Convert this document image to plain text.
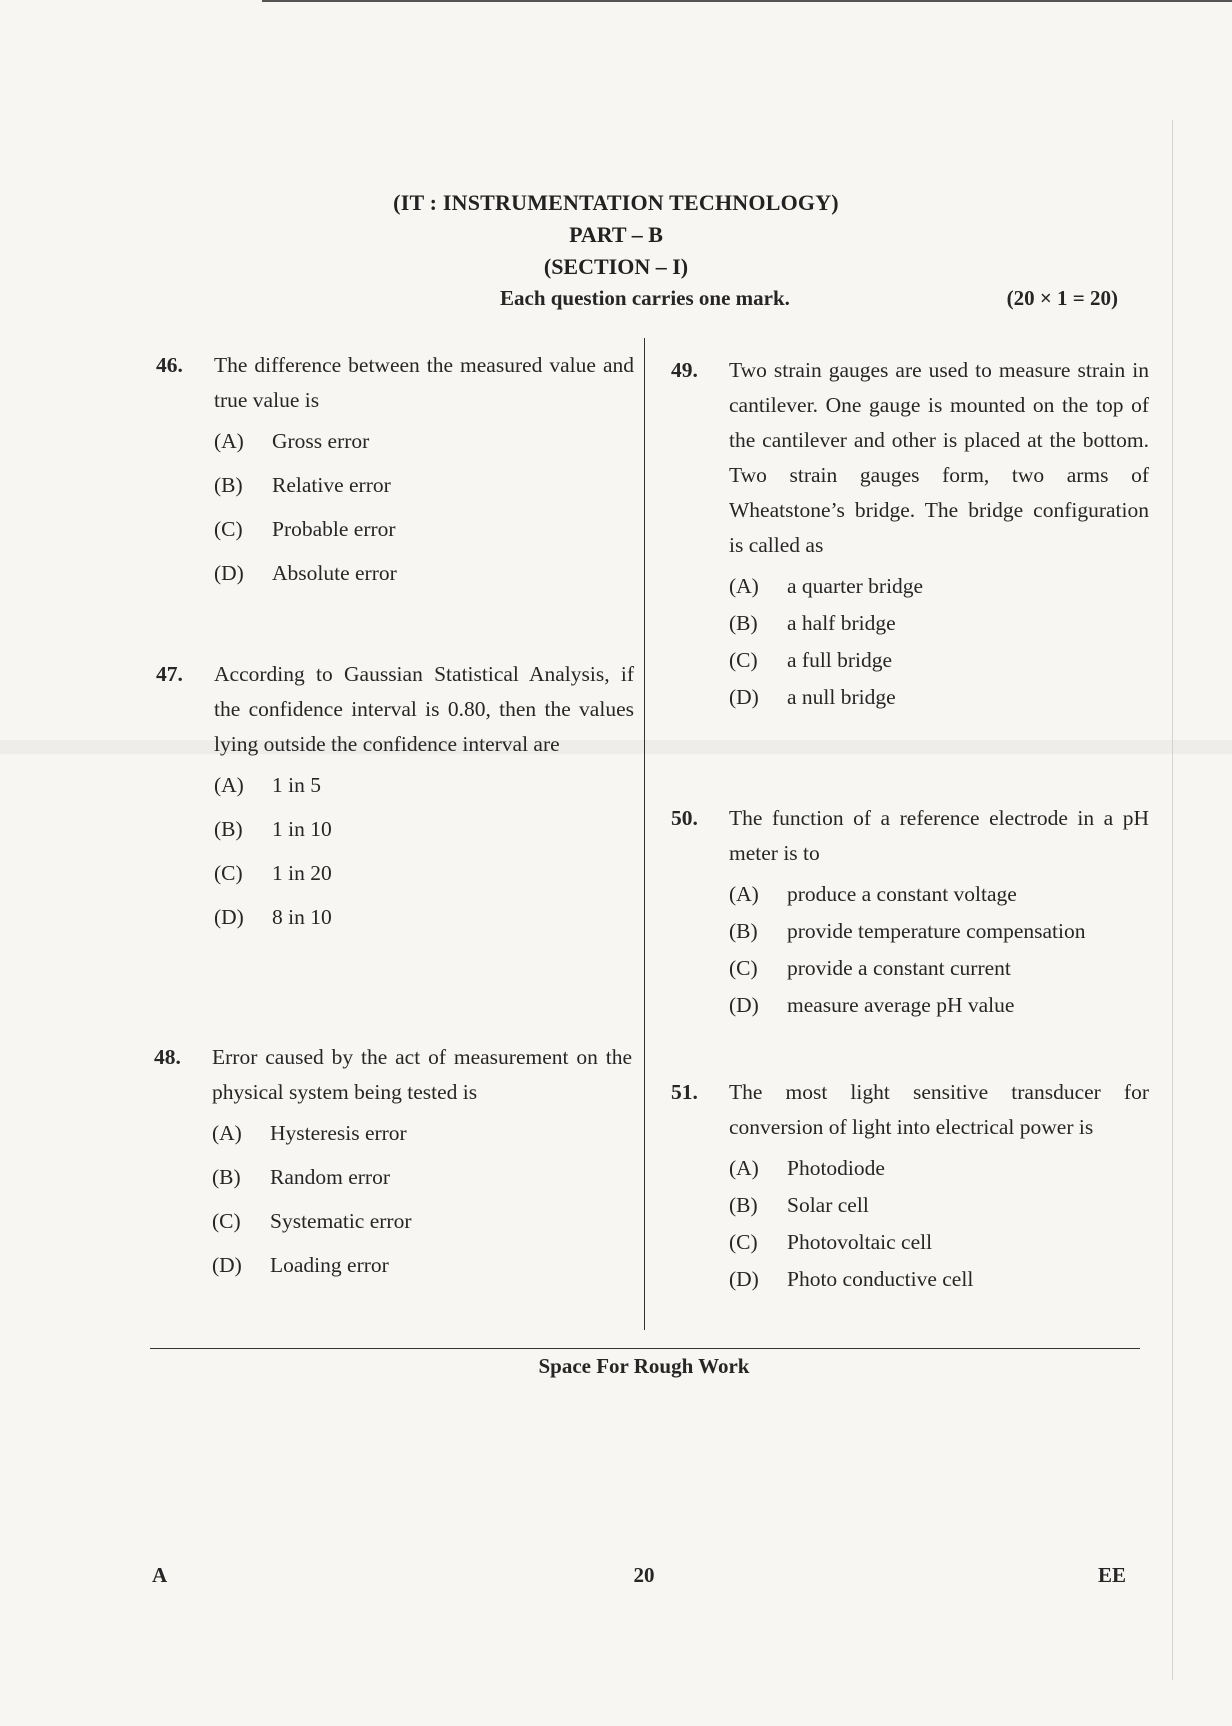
(IT : INSTRUMENTATION TECHNOLOGY)
PART – B
(SECTION – I)
Each question carries one mark.	(20 × 1 = 20)
46. The difference between the measured value and true value is
(A) Gross error
(B) Relative error
(C) Probable error
(D) Absolute error
47. According to Gaussian Statistical Analysis, if the confidence interval is 0.80, then the values lying outside the confidence interval are
(A) 1 in 5
(B) 1 in 10
(C) 1 in 20
(D) 8 in 10
48. Error caused by the act of measurement on the physical system being tested is
(A) Hysteresis error
(B) Random error
(C) Systematic error
(D) Loading error
49. Two strain gauges are used to measure strain in cantilever. One gauge is mounted on the top of the cantilever and other is placed at the bottom. Two strain gauges form, two arms of Wheatstone’s bridge. The bridge configuration is called as
(A) a quarter bridge
(B) a half bridge
(C) a full bridge
(D) a null bridge
50. The function of a reference electrode in a pH meter is to
(A) produce a constant voltage
(B) provide temperature compensation
(C) provide a constant current
(D) measure average pH value
51. The most light sensitive transducer for conversion of light into electrical power is
(A) Photodiode
(B) Solar cell
(C) Photovoltaic cell
(D) Photo conductive cell
Space For Rough Work
A	20	EE
